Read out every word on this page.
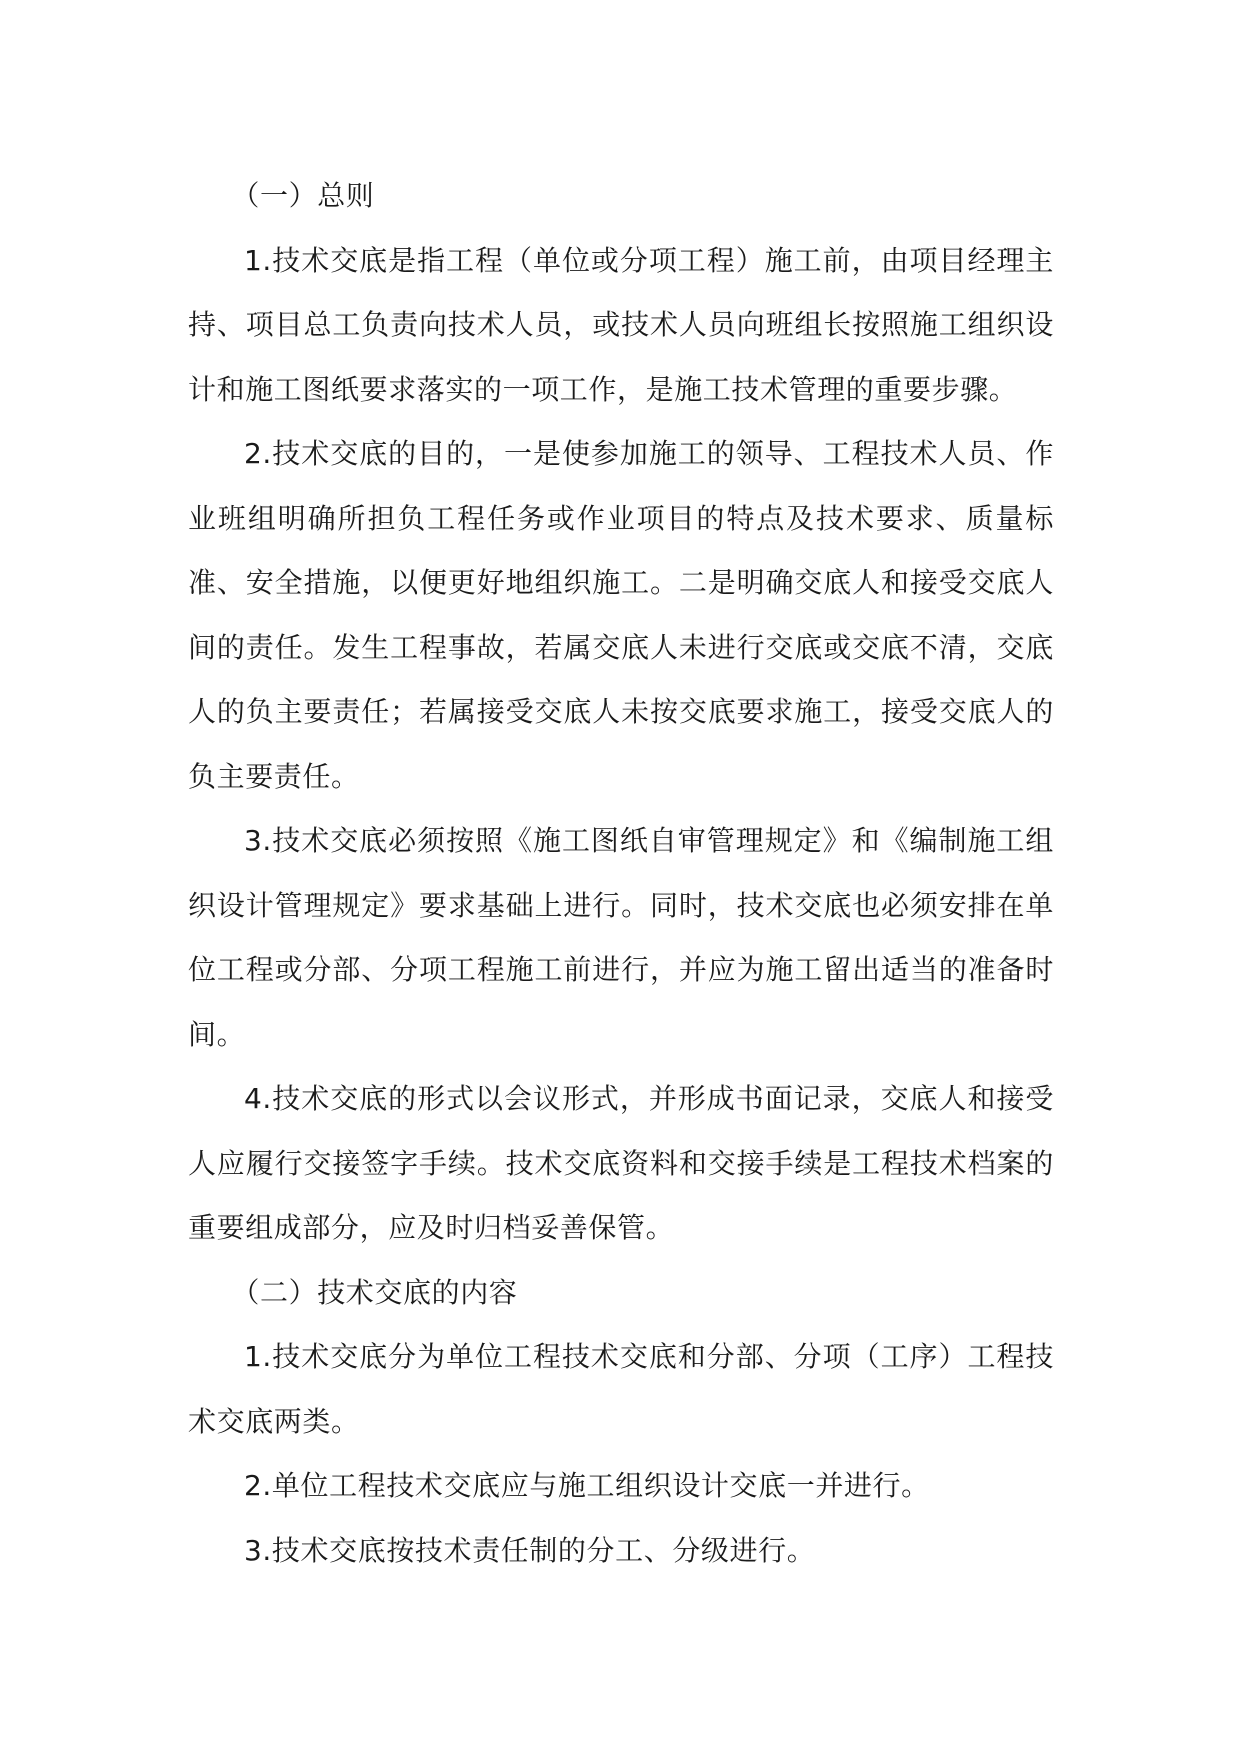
（一）总则

1.技术交底是指工程（单位或分项工程）施工前，由项目经理主持、项目总工负责向技术人员，或技术人员向班组长按照施工组织设计和施工图纸要求落实的一项工作，是施工技术管理的重要步骤。

2.技术交底的目的，一是使参加施工的领导、工程技术人员、作业班组明确所担负工程任务或作业项目的特点及技术要求、质量标准、安全措施，以便更好地组织施工。二是明确交底人和接受交底人间的责任。发生工程事故，若属交底人未进行交底或交底不清，交底人的负主要责任；若属接受交底人未按交底要求施工，接受交底人的负主要责任。

3.技术交底必须按照《施工图纸自审管理规定》和《编制施工组织设计管理规定》要求基础上进行。同时，技术交底也必须安排在单位工程或分部、分项工程施工前进行，并应为施工留出适当的准备时间。

4.技术交底的形式以会议形式，并形成书面记录，交底人和接受人应履行交接签字手续。技术交底资料和交接手续是工程技术档案的重要组成部分，应及时归档妥善保管。

（二）技术交底的内容

1.技术交底分为单位工程技术交底和分部、分项（工序）工程技术交底两类。

2.单位工程技术交底应与施工组织设计交底一并进行。

3.技术交底按技术责任制的分工、分级进行。
